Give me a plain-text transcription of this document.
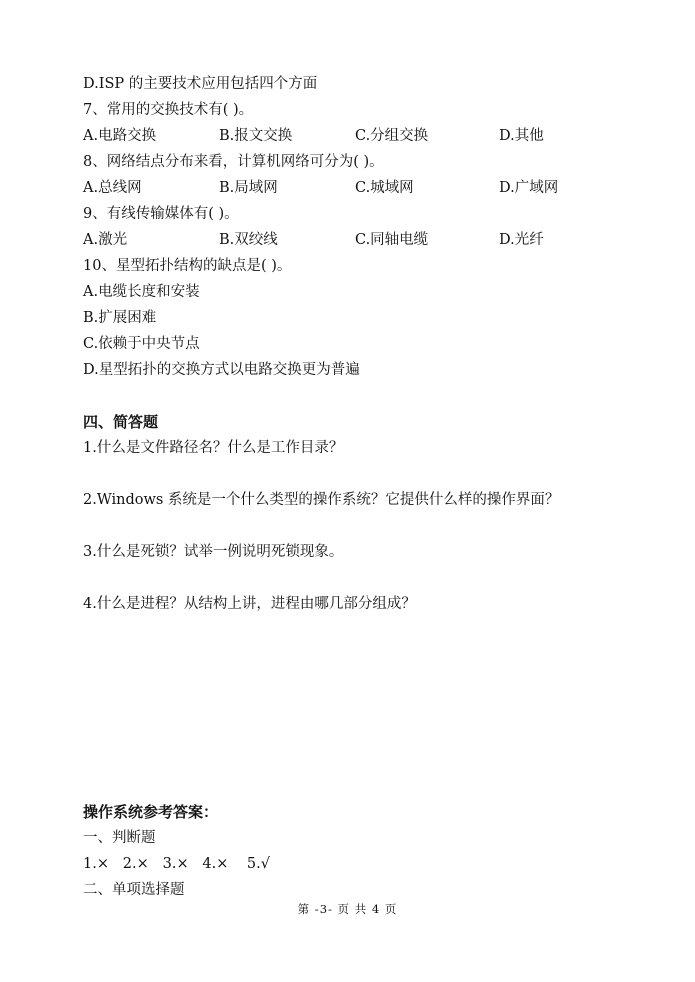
D.ISP 的主要技术应用包括四个方面
7、常用的交换技术有( )。
A.电路交换	B.报文交换	C.分组交换	D.其他
8、网络结点分布来看，计算机网络可分为( )。
A.总线网	B.局域网	C.城域网	D.广域网
9、有线传输媒体有( )。
A.激光	B.双绞线	C.同轴电缆	D.光纤
10、星型拓扑结构的缺点是( )。
A.电缆长度和安装
B.扩展困难
C.依赖于中央节点
D.星型拓扑的交换方式以电路交换更为普遍
四、简答题
1.什么是文件路径名？什么是工作目录？
2.Windows 系统是一个什么类型的操作系统？它提供什么样的操作界面？
3.什么是死锁？试举一例说明死锁现象。
4.什么是进程？从结构上讲，进程由哪几部分组成？
操作系统参考答案：
一、判断题
1.×   2.×   3.×   4.×    5.√
二、单项选择题
第 -3- 页 共 4 页
